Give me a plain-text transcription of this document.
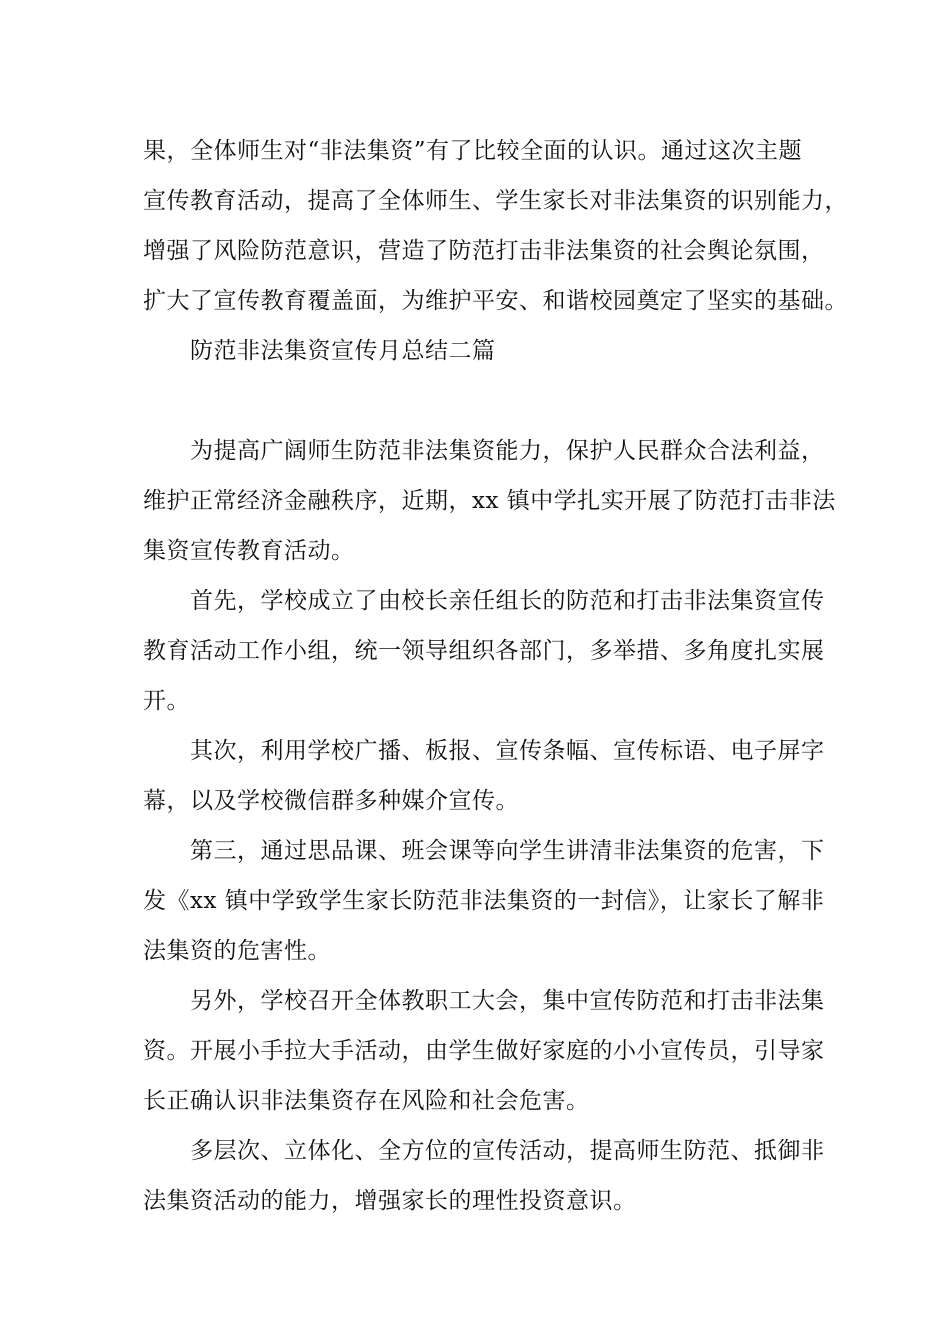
果，全体师生对“非法集资”有了比较全面的认识。通过这次主题
宣传教育活动，提高了全体师生、学生家长对非法集资的识别能力，
增强了风险防范意识，营造了防范打击非法集资的社会舆论氛围，
扩大了宣传教育覆盖面，为维护平安、和谐校园奠定了坚实的基础。
防范非法集资宣传月总结二篇
为提高广阔师生防范非法集资能力，保护人民群众合法利益，
维护正常经济金融秩序，近期，xx 镇中学扎实开展了防范打击非法
集资宣传教育活动。
首先，学校成立了由校长亲任组长的防范和打击非法集资宣传
教育活动工作小组，统一领导组织各部门，多举措、多角度扎实展
开。
其次，利用学校广播、板报、宣传条幅、宣传标语、电子屏字
幕，以及学校微信群多种媒介宣传。
第三，通过思品课、班会课等向学生讲清非法集资的危害，下
发《xx 镇中学致学生家长防范非法集资的一封信》，让家长了解非
法集资的危害性。
另外，学校召开全体教职工大会，集中宣传防范和打击非法集
资。开展小手拉大手活动，由学生做好家庭的小小宣传员，引导家
长正确认识非法集资存在风险和社会危害。
多层次、立体化、全方位的宣传活动，提高师生防范、抵御非
法集资活动的能力，增强家长的理性投资意识。
